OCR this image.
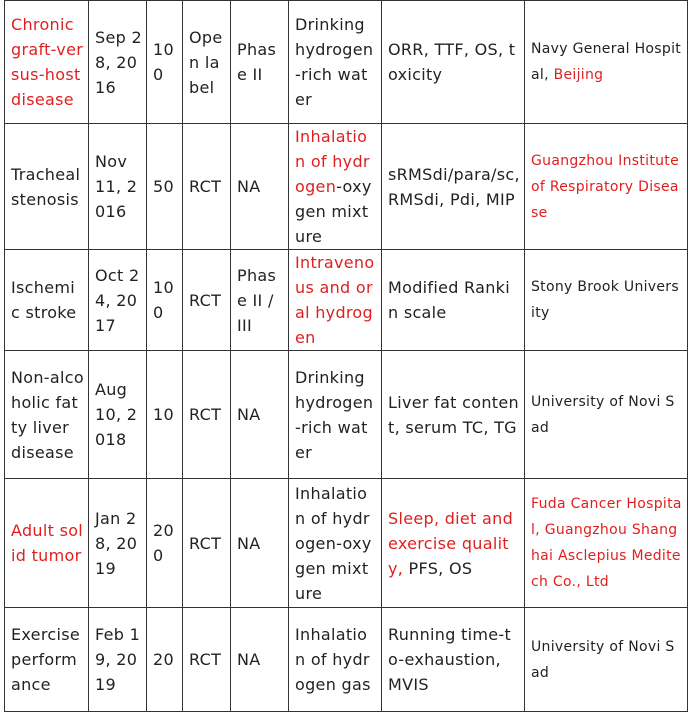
Chronic graft-versus-host disease	Sep 28, 2016	100	Open label	Phase II	Drinking hydrogen-rich water	ORR, TTF, OS, toxicity	Navy General Hospital, Beijing
Tracheal stenosis	Nov 11, 2016	50	RCT	NA	Inhalation of hydrogen-oxygen mixture	sRMSdi/para/sc, RMSdi, Pdi, MIP	Guangzhou Institute of Respiratory Disease
Ischemic stroke	Oct 24, 2017	100	RCT	Phase II / III	Intravenous and oral hydrogen	Modified Rankin scale	Stony Brook University
Non-alcoholic fatty liver disease	Aug 10, 2018	10	RCT	NA	Drinking hydrogen-rich water	Liver fat content, serum TC, TG	University of Novi Sad
Adult solid tumor	Jan 28, 2019	200	RCT	NA	Inhalation of hydrogen-oxygen mixture	Sleep, diet and exercise quality, PFS, OS	Fuda Cancer Hospital, Guangzhou Shanghai Asclepius Meditech Co., Ltd
Exercise performance	Feb 19, 2019	20	RCT	NA	Inhalation of hydrogen gas	Running time-to-exhaustion, MVIS	University of Novi Sad
